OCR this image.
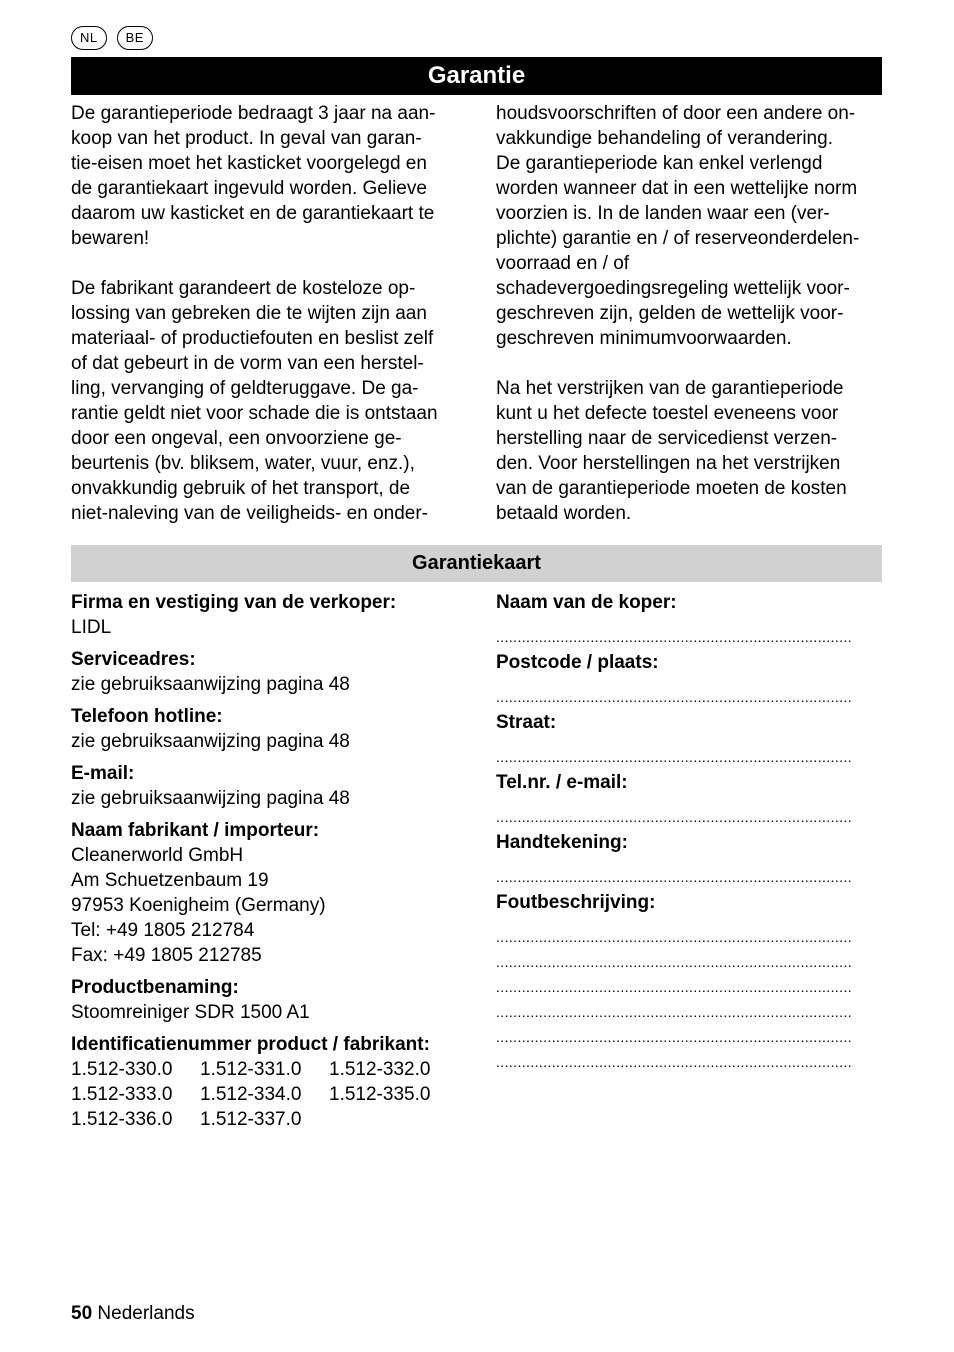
NL	BE
Garantie

De garantieperiode bedraagt 3 jaar na aan-
koop van het product. In geval van garan-
tie-eisen moet het kasticket voorgelegd en
de garantiekaart ingevuld worden. Gelieve
daarom uw kasticket en de garantiekaart te
bewaren!

De fabrikant garandeert de kosteloze op-
lossing van gebreken die te wijten zijn aan
materiaal- of productiefouten en beslist zelf
of dat gebeurt in de vorm van een herstel-
ling, vervanging of geldteruggave. De ga-
rantie geldt niet voor schade die is ontstaan
door een ongeval, een onvoorziene ge-
beurtenis (bv. bliksem, water, vuur, enz.),
onvakkundig gebruik of het transport, de
niet-naleving van de veiligheids- en onder-

houdsvoorschriften of door een andere on-
vakkundige behandeling of verandering.
De garantieperiode kan enkel verlengd
worden wanneer dat in een wettelijke norm
voorzien is. In de landen waar een (ver-
plichte) garantie en / of reserveonderdelen-
voorraad en / of
schadevergoedingsregeling wettelijk voor-
geschreven zijn, gelden de wettelijk voor-
geschreven minimumvoorwaarden.

Na het verstrijken van de garantieperiode
kunt u het defecte toestel eveneens voor
herstelling naar de servicedienst verzen-
den. Voor herstellingen na het verstrijken
van de garantieperiode moeten de kosten
betaald worden.

Garantiekaart
Firma en vestiging van de verkoper:
LIDL
Serviceadres:
zie gebruiksaanwijzing pagina 48
Telefoon hotline:
zie gebruiksaanwijzing pagina 48
E-mail:
zie gebruiksaanwijzing pagina 48
Naam fabrikant / importeur:
Cleanerworld GmbH
Am Schuetzenbaum 19
97953 Koenigheim (Germany)
Tel: +49 1805 212784
Fax: +49 1805 212785
Productbenaming:
Stoomreiniger SDR 1500 A1
Identificatienummer product / fabrikant:
1.512-330.0	1.512-331.0	1.512-332.0
1.512-333.0	1.512-334.0	1.512-335.0
1.512-336.0	1.512-337.0
Naam van de koper:
...................................................................................
Postcode / plaats:
...................................................................................
Straat:
...................................................................................
Tel.nr. / e-mail:
...................................................................................
Handtekening:
...................................................................................
Foutbeschrijving:
...................................................................................
...................................................................................
...................................................................................
...................................................................................
...................................................................................
...................................................................................
50 Nederlands
